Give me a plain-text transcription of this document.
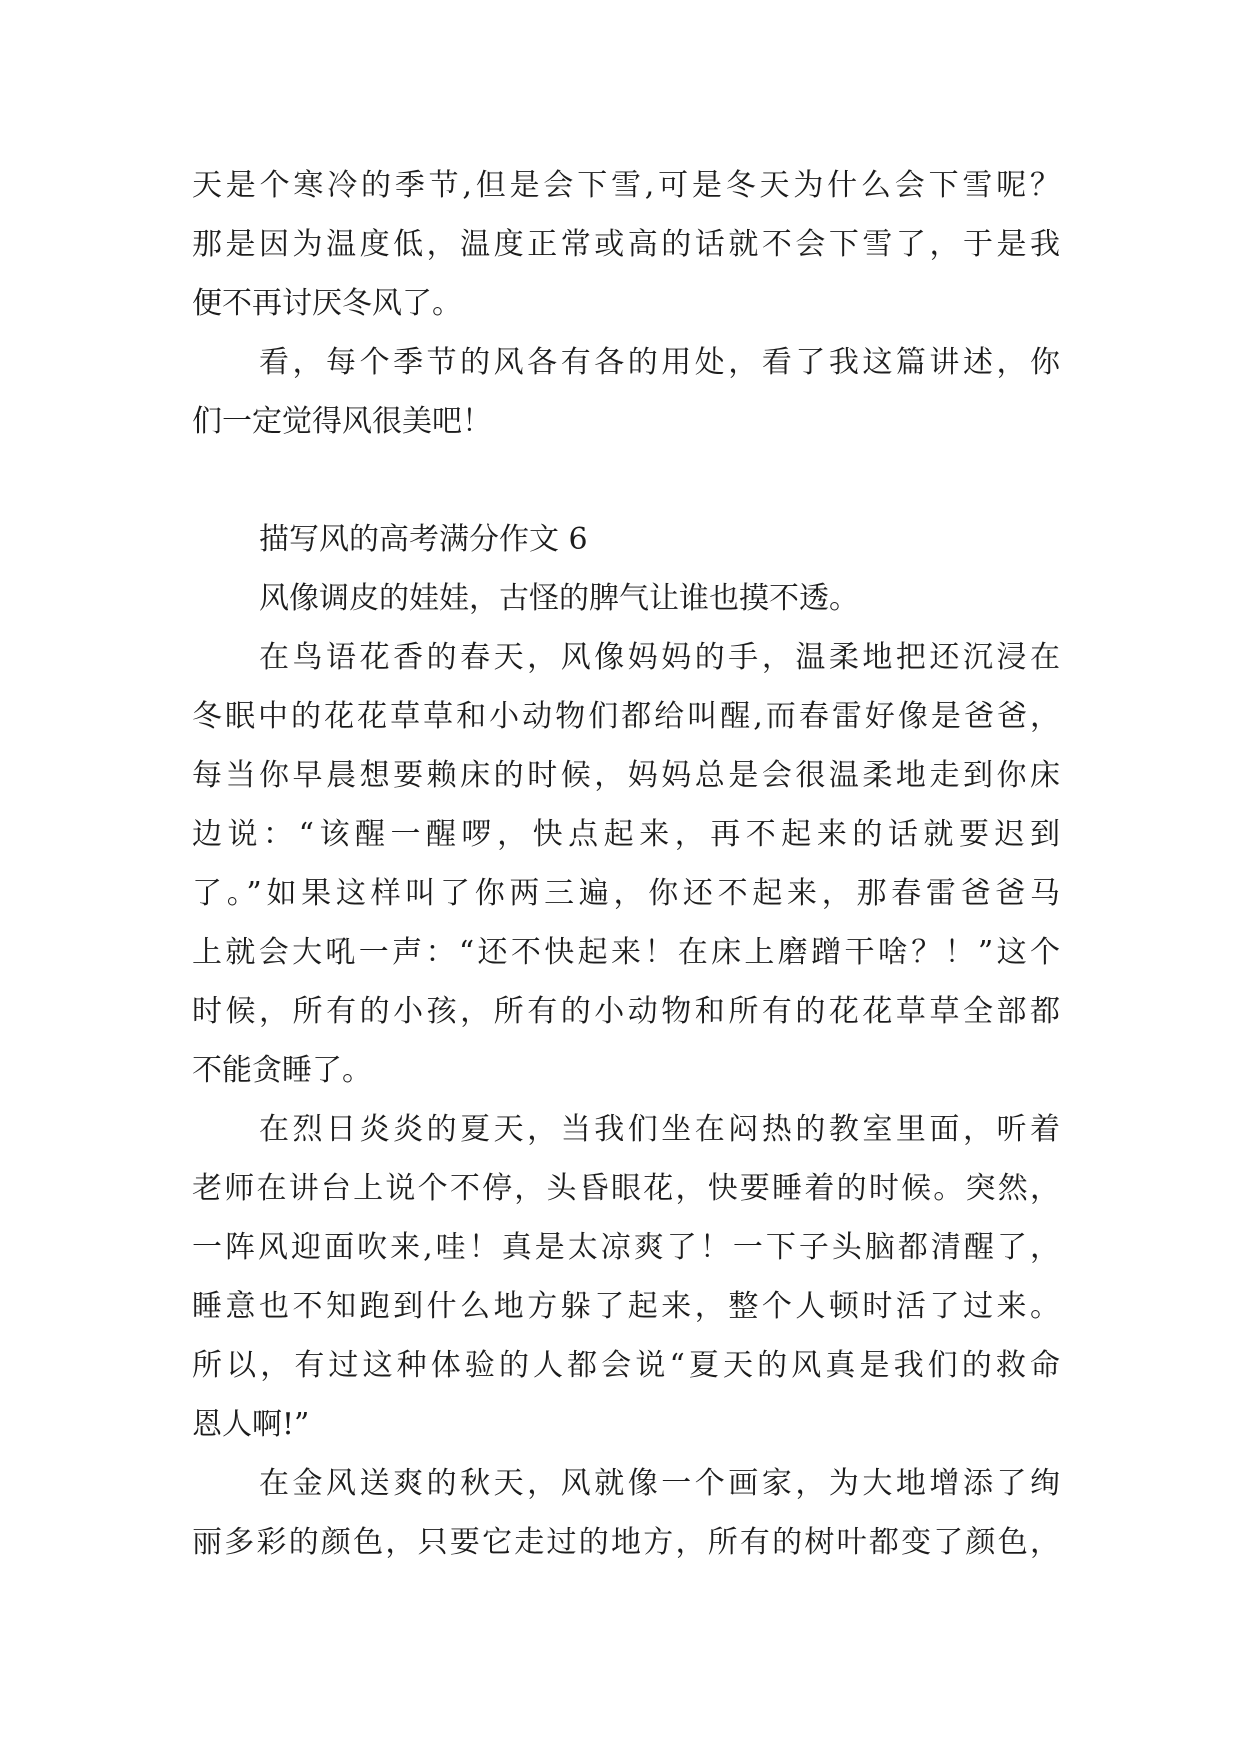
天是个寒冷的季节,但是会下雪,可是冬天为什么会下雪呢？
那是因为温度低，温度正常或高的话就不会下雪了，于是我
便不再讨厌冬风了。
看，每个季节的风各有各的用处，看了我这篇讲述，你
们一定觉得风很美吧！
描写风的高考满分作文 6
风像调皮的娃娃，古怪的脾气让谁也摸不透。
在鸟语花香的春天，风像妈妈的手，温柔地把还沉浸在
冬眠中的花花草草和小动物们都给叫醒,而春雷好像是爸爸，
每当你早晨想要赖床的时候，妈妈总是会很温柔地走到你床
边说：“该醒一醒啰，快点起来，再不起来的话就要迟到
了。”如果这样叫了你两三遍，你还不起来，那春雷爸爸马
上就会大吼一声：“还不快起来！在床上磨蹭干啥？！”这个
时候，所有的小孩，所有的小动物和所有的花花草草全部都
不能贪睡了。
在烈日炎炎的夏天，当我们坐在闷热的教室里面，听着
老师在讲台上说个不停，头昏眼花，快要睡着的时候。突然，
一阵风迎面吹来,哇！真是太凉爽了！一下子头脑都清醒了，
睡意也不知跑到什么地方躲了起来，整个人顿时活了过来。
所以，有过这种体验的人都会说“夏天的风真是我们的救命
恩人啊!”
在金风送爽的秋天，风就像一个画家，为大地增添了绚
丽多彩的颜色，只要它走过的地方，所有的树叶都变了颜色，
